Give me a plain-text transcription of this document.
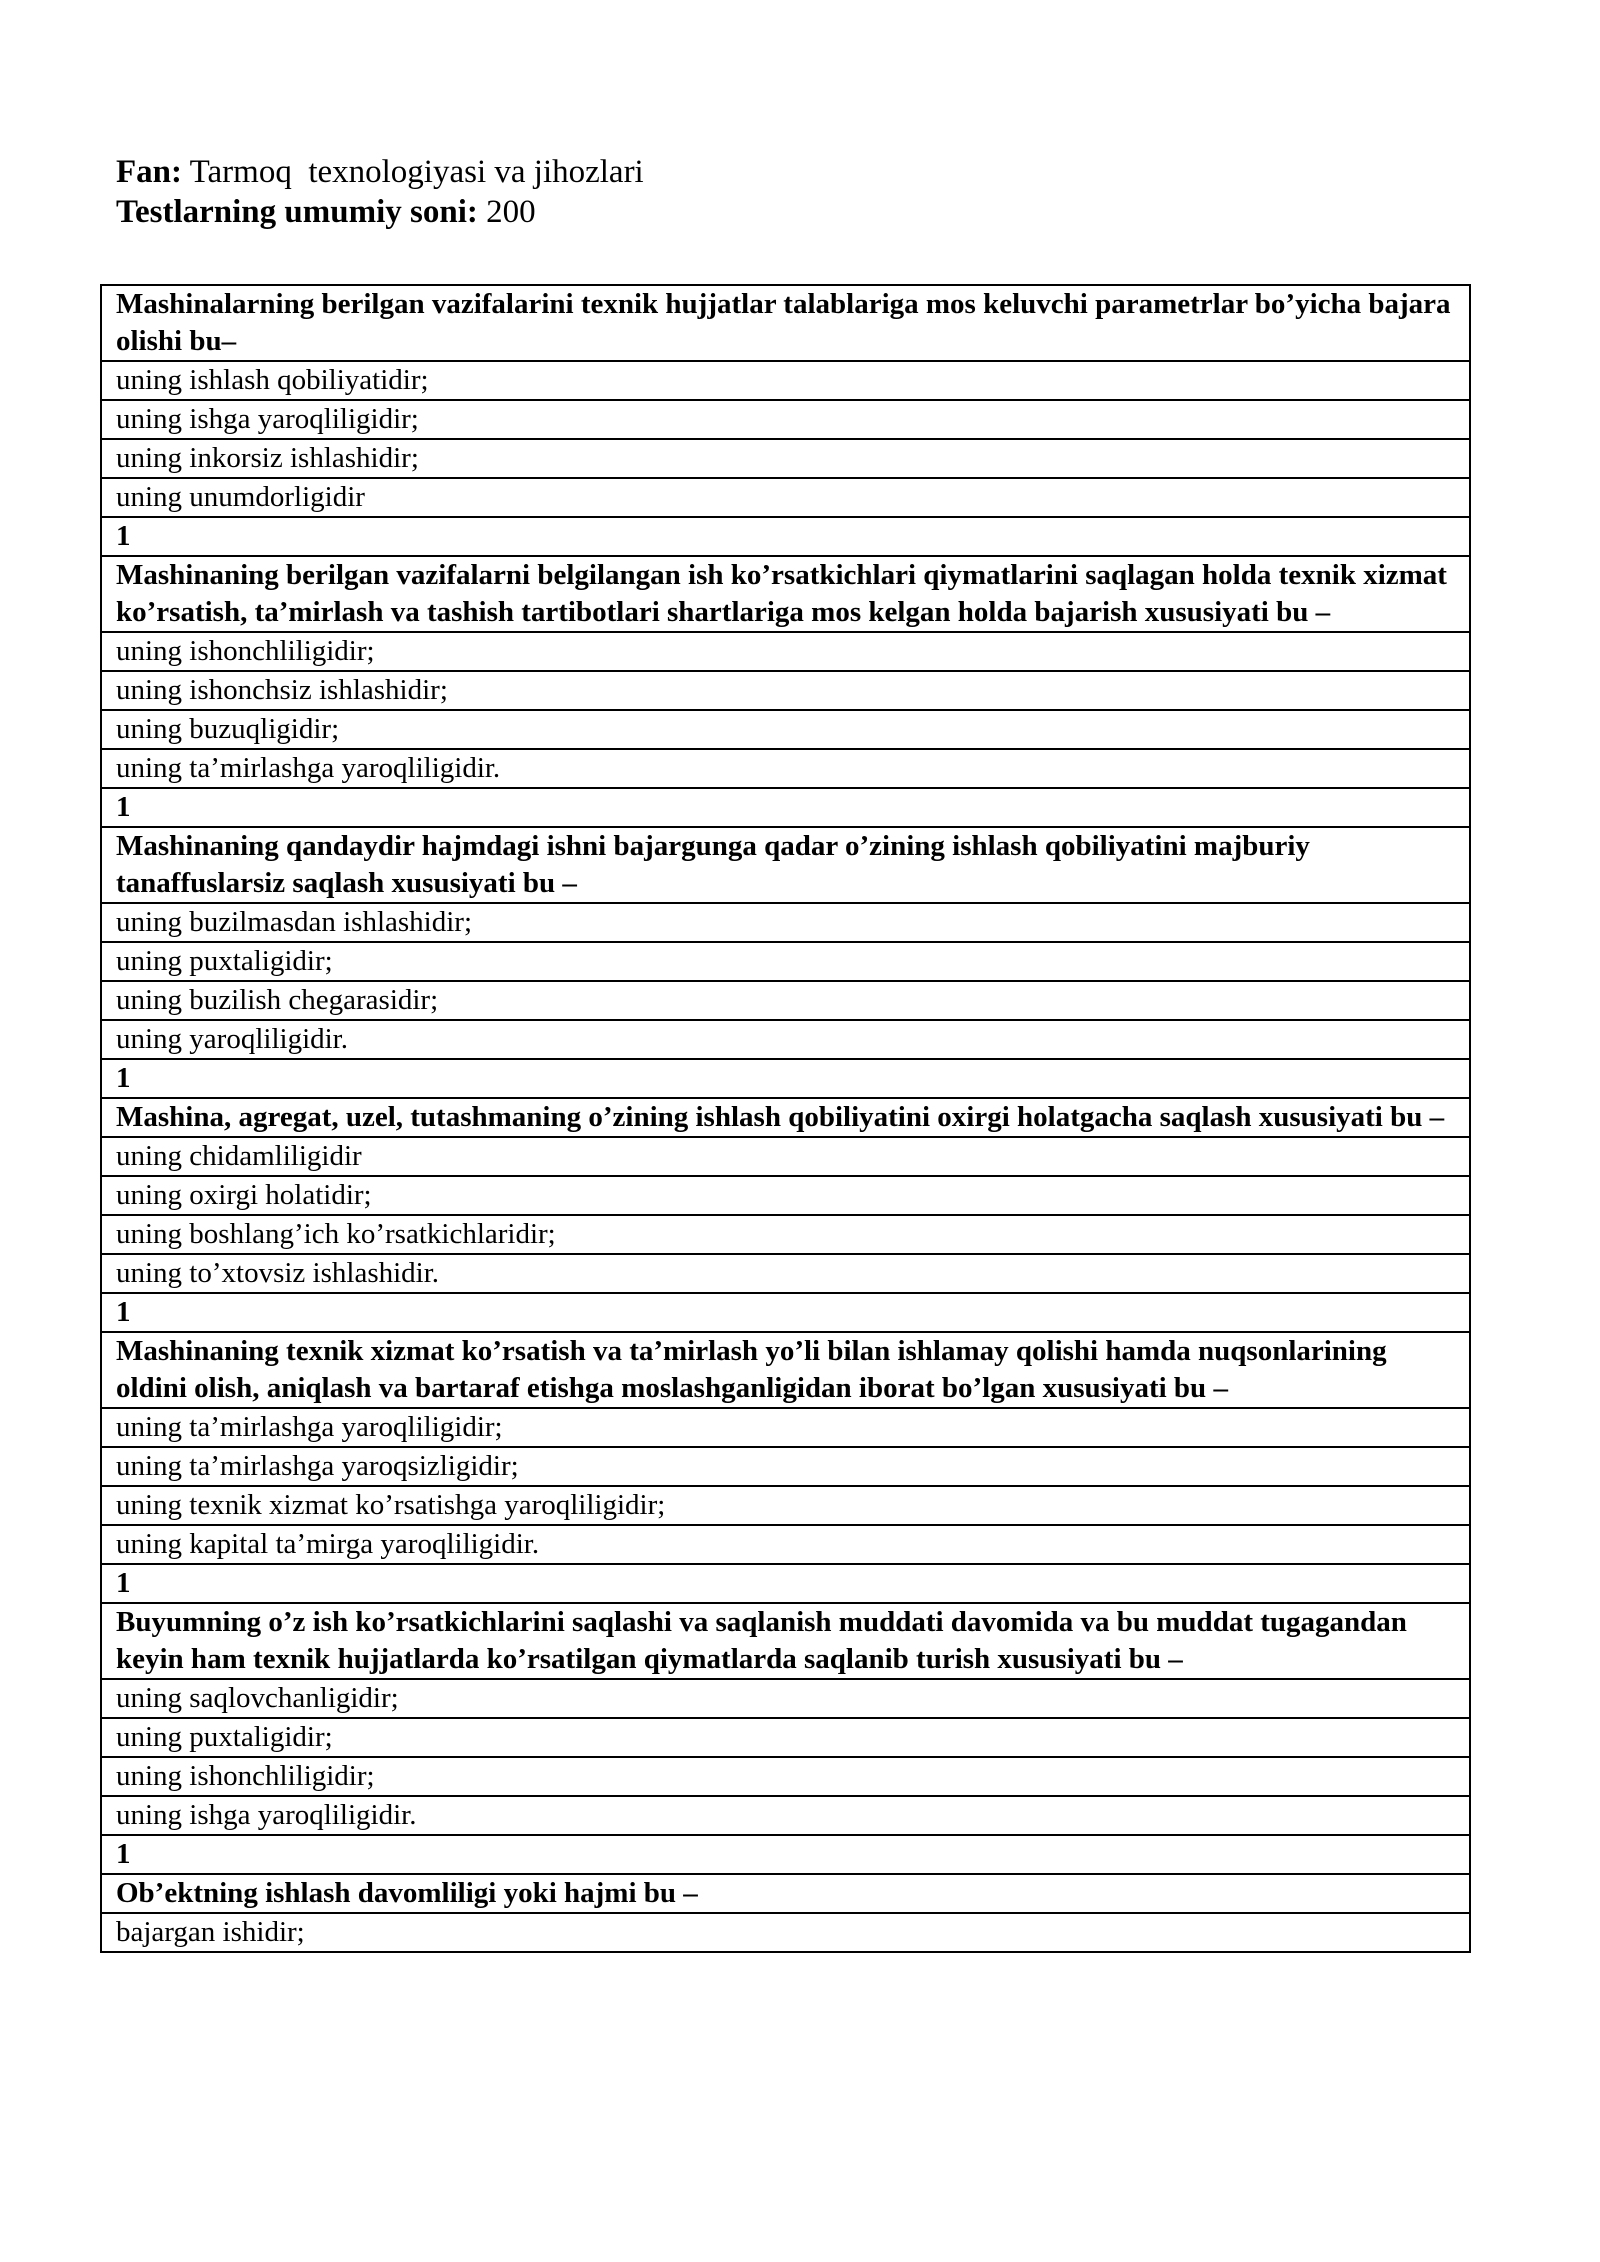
Fan: Tarmoq  texnologiyasi va jihozlari
Testlarning umumiy soni: 200
Mashinalarning berilgan vazifalarini texnik hujjatlar talablariga mos keluvchi parametrlar bo’yicha bajara olishi bu–
uning ishlash qobiliyatidir;
uning ishga yaroqliligidir;
uning inkorsiz ishlashidir;
uning unumdorligidir
1
Mashinaning berilgan vazifalarni belgilangan ish ko’rsatkichlari qiymatlarini saqlagan holda texnik xizmat ko’rsatish, ta’mirlash va tashish tartibotlari shartlariga mos kelgan holda bajarish xususiyati bu –
uning ishonchliligidir;
uning ishonchsiz ishlashidir;
uning buzuqligidir;
uning ta’mirlashga yaroqliligidir.
1
Mashinaning qandaydir hajmdagi ishni bajargunga qadar o’zining ishlash qobiliyatini majburiy tanaffuslarsiz saqlash xususiyati bu –
uning buzilmasdan ishlashidir;
uning puxtaligidir;
uning buzilish chegarasidir;
uning yaroqliligidir.
1
Mashina, agregat, uzel, tutashmaning o’zining ishlash qobiliyatini oxirgi holatgacha saqlash xususiyati bu –
uning chidamliligidir
uning oxirgi holatidir;
uning boshlang’ich ko’rsatkichlaridir;
uning to’xtovsiz ishlashidir.
1
Mashinaning texnik xizmat ko’rsatish va ta’mirlash yo’li bilan ishlamay qolishi hamda nuqsonlarining oldini olish, aniqlash va bartaraf etishga moslashganligidan iborat bo’lgan xususiyati bu –
uning ta’mirlashga yaroqliligidir;
uning ta’mirlashga yaroqsizligidir;
uning texnik xizmat ko’rsatishga yaroqliligidir;
uning kapital ta’mirga yaroqliligidir.
1
Buyumning o’z ish ko’rsatkichlarini saqlashi va saqlanish muddati davomida va bu muddat tugagandan keyin ham texnik hujjatlarda ko’rsatilgan qiymatlarda saqlanib turish xususiyati bu –
uning saqlovchanligidir;
uning puxtaligidir;
uning ishonchliligidir;
uning ishga yaroqliligidir.
1
Ob’ektning ishlash davomliligi yoki hajmi bu –
bajargan ishidir;
